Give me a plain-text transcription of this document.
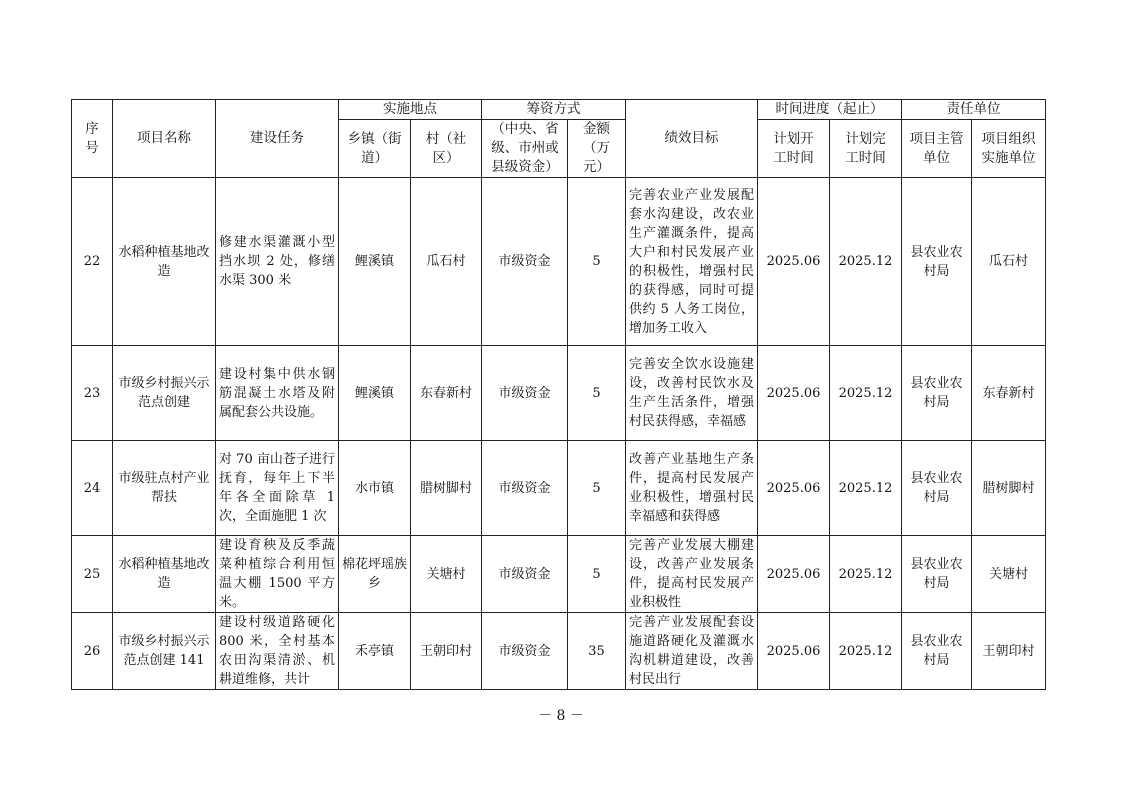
序号	项目名称	建设任务	实施地点		筹资方式		绩效目标	时间进度（起止）		责任单位	
			乡镇（街道）	村（社区）	（中央、省级、市州或县级资金）	金额（万元）		计划开工时间	计划完工时间	项目主管单位	项目组织实施单位
22	水稻种植基地改造	修建水渠灌溉小型挡水坝 2 处，修缮水渠 300 米	鲤溪镇	瓜石村	市级资金	5	完善农业产业发展配套水沟建设，改农业生产灌溉条件，提高大户和村民发展产业的积极性，增强村民的获得感，同时可提供约 5 人务工岗位，增加务工收入	2025.06	2025.12	县农业农村局	瓜石村
23	市级乡村振兴示范点创建	建设村集中供水钢筋混凝土水塔及附属配套公共设施。	鲤溪镇	东春新村	市级资金	5	完善安全饮水设施建设，改善村民饮水及生产生活条件，增强村民获得感，幸福感	2025.06	2025.12	县农业农村局	东春新村
24	市级驻点村产业帮扶	对 70 亩山苍子进行抚育，每年上下半年各全面除草 1 次，全面施肥 1 次	水市镇	腊树脚村	市级资金	5	改善产业基地生产条件，提高村民发展产业积极性，增强村民幸福感和获得感	2025.06	2025.12	县农业农村局	腊树脚村
25	水稻种植基地改造	建设育秧及反季蔬菜种植综合利用恒温大棚 1500 平方米。	棉花坪瑶族乡	关塘村	市级资金	5	完善产业发展大棚建设，改善产业发展条件，提高村民发展产业积极性	2025.06	2025.12	县农业农村局	关塘村
26	市级乡村振兴示范点创建 141	建设村级道路硬化 800 米，全村基本农田沟渠清淤、机耕道维修，共计	禾亭镇	王朝印村	市级资金	35	完善产业发展配套设施道路硬化及灌溉水沟机耕道建设，改善村民出行	2025.06	2025.12	县农业农村局	王朝印村
－ 8 －
